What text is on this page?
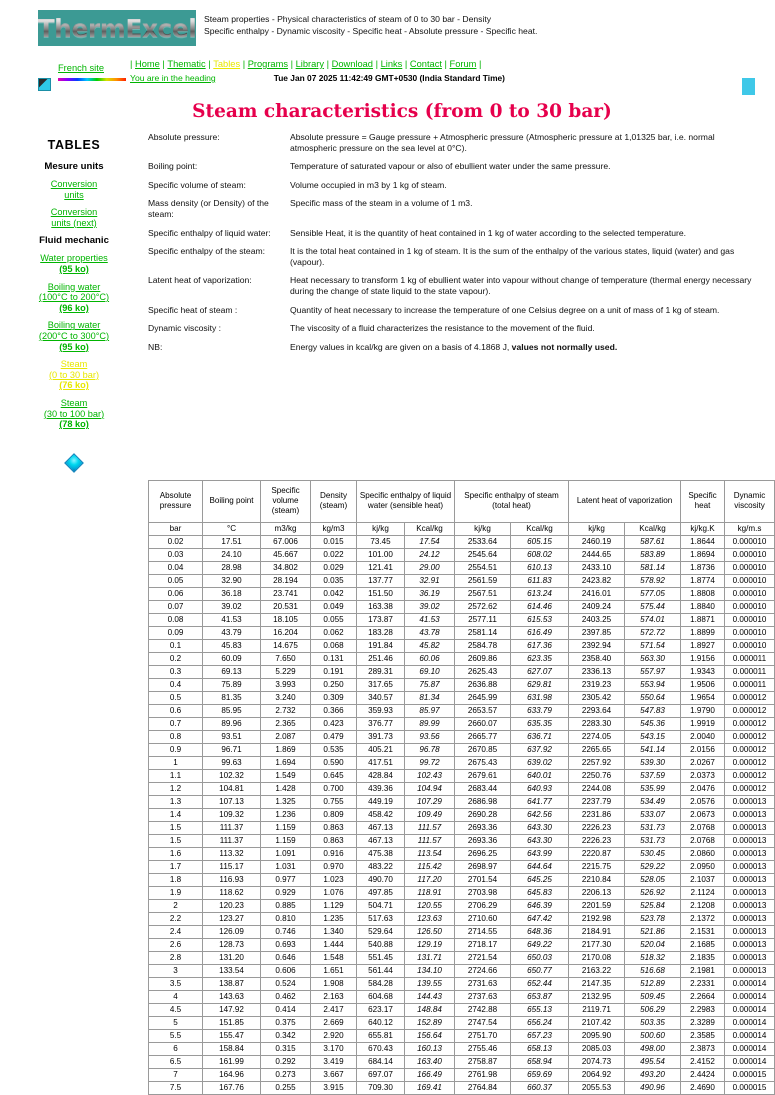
ThermExcel Steam properties - Physical characteristics of steam of 0 to 30 bar - Density
Specific enthalpy - Dynamic viscosity - Specific heat - Absolute pressure - Specific heat.
French site	| Home | Thematic | Tables | Programs | Library | Download | Links | Contact | Forum |
You are in the heading	Tue Jan 07 2025 11:42:49 GMT+0530 (India Standard Time)
Steam characteristics (from 0 to 30 bar)
TABLES
Mesure units
Conversion
units
Conversion
units (next)
Fluid mechanic
Water properties
(95 ko)
Boiling water
(100°C to 200°C)
(96 ko)
Boiling water
(200°C to 300°C)
(95 ko)
Steam
(0 to 30 bar)
(76 ko)
Steam
(30 to 100 bar)
(78 ko)
Absolute pressure:	Absolute pressure = Gauge pressure + Atmospheric pressure (Atmospheric pressure at 1,01325 bar, i.e. normal atmospheric pressure on the sea level at 0°C).
Boiling point:	Temperature of saturated vapour or also of ebullient water under the same pressure.
Specific volume of steam:	Volume occupied in m3 by 1 kg of steam.
Mass density (or Density) of the steam:
Specific mass of the steam in a volume of 1 m3.
Specific enthalpy of liquid water:	Sensible Heat, it is the quantity of heat contained in 1 kg of water according to the selected temperature.
Specific enthalpy of the steam:	It is the total heat contained in 1 kg of steam. It is the sum of the enthalpy of the various states, liquid (water) and gas (vapour).
Latent heat of vaporization:	Heat necessary to transform 1 kg of ebullient water into vapour without change of temperature (thermal energy necessary during the change of state liquid to the state vapour).
Specific heat of steam :	Quantity of heat necessary to increase the temperature of one Celsius degree on a unit of mass of 1 kg of steam.
Dynamic viscosity :	The viscosity of a fluid characterizes the resistance to the movement of the fluid.
NB:	Energy values in kcal/kg are given on a basis of 4.1868 J, values not normally used.
Absolute pressure	Boiling point	Specific volume (steam)	Density (steam)	Specific enthalpy of liquid water (sensible heat)		Specific enthalpy of steam (total heat)		Latent heat of vaporization		Specific heat	Dynamic viscosity
bar	°C	m3/kg	kg/m3	kj/kg	Kcal/kg	kj/kg	Kcal/kg	kj/kg	Kcal/kg	kj/kg.K	kg/m.s
0.02	17.51	67.006	0.015	73.45	17.54	2533.64	605.15	2460.19	587.61	1.8644	0.000010
0.03	24.10	45.667	0.022	101.00	24.12	2545.64	608.02	2444.65	583.89	1.8694	0.000010
0.04	28.98	34.802	0.029	121.41	29.00	2554.51	610.13	2433.10	581.14	1.8736	0.000010
0.05	32.90	28.194	0.035	137.77	32.91	2561.59	611.83	2423.82	578.92	1.8774	0.000010
0.06	36.18	23.741	0.042	151.50	36.19	2567.51	613.24	2416.01	577.05	1.8808	0.000010
0.07	39.02	20.531	0.049	163.38	39.02	2572.62	614.46	2409.24	575.44	1.8840	0.000010
0.08	41.53	18.105	0.055	173.87	41.53	2577.11	615.53	2403.25	574.01	1.8871	0.000010
0.09	43.79	16.204	0.062	183.28	43.78	2581.14	616.49	2397.85	572.72	1.8899	0.000010
0.1	45.83	14.675	0.068	191.84	45.82	2584.78	617.36	2392.94	571.54	1.8927	0.000010
0.2	60.09	7.650	0.131	251.46	60.06	2609.86	623.35	2358.40	563.30	1.9156	0.000011
0.3	69.13	5.229	0.191	289.31	69.10	2625.43	627.07	2336.13	557.97	1.9343	0.000011
0.4	75.89	3.993	0.250	317.65	75.87	2636.88	629.81	2319.23	553.94	1.9506	0.000011
0.5	81.35	3.240	0.309	340.57	81.34	2645.99	631.98	2305.42	550.64	1.9654	0.000012
0.6	85.95	2.732	0.366	359.93	85.97	2653.57	633.79	2293.64	547.83	1.9790	0.000012
0.7	89.96	2.365	0.423	376.77	89.99	2660.07	635.35	2283.30	545.36	1.9919	0.000012
0.8	93.51	2.087	0.479	391.73	93.56	2665.77	636.71	2274.05	543.15	2.0040	0.000012
0.9	96.71	1.869	0.535	405.21	96.78	2670.85	637.92	2265.65	541.14	2.0156	0.000012
1	99.63	1.694	0.590	417.51	99.72	2675.43	639.02	2257.92	539.30	2.0267	0.000012
1.1	102.32	1.549	0.645	428.84	102.43	2679.61	640.01	2250.76	537.59	2.0373	0.000012
1.2	104.81	1.428	0.700	439.36	104.94	2683.44	640.93	2244.08	535.99	2.0476	0.000012
1.3	107.13	1.325	0.755	449.19	107.29	2686.98	641.77	2237.79	534.49	2.0576	0.000013
1.4	109.32	1.236	0.809	458.42	109.49	2690.28	642.56	2231.86	533.07	2.0673	0.000013
1.5	111.37	1.159	0.863	467.13	111.57	2693.36	643.30	2226.23	531.73	2.0768	0.000013
1.5	111.37	1.159	0.863	467.13	111.57	2693.36	643.30	2226.23	531.73	2.0768	0.000013
1.6	113.32	1.091	0.916	475.38	113.54	2696.25	643.99	2220.87	530.45	2.0860	0.000013
1.7	115.17	1.031	0.970	483.22	115.42	2698.97	644.64	2215.75	529.22	2.0950	0.000013
1.8	116.93	0.977	1.023	490.70	117.20	2701.54	645.25	2210.84	528.05	2.1037	0.000013
1.9	118.62	0.929	1.076	497.85	118.91	2703.98	645.83	2206.13	526.92	2.1124	0.000013
2	120.23	0.885	1.129	504.71	120.55	2706.29	646.39	2201.59	525.84	2.1208	0.000013
2.2	123.27	0.810	1.235	517.63	123.63	2710.60	647.42	2192.98	523.78	2.1372	0.000013
2.4	126.09	0.746	1.340	529.64	126.50	2714.55	648.36	2184.91	521.86	2.1531	0.000013
2.6	128.73	0.693	1.444	540.88	129.19	2718.17	649.22	2177.30	520.04	2.1685	0.000013
2.8	131.20	0.646	1.548	551.45	131.71	2721.54	650.03	2170.08	518.32	2.1835	0.000013
3	133.54	0.606	1.651	561.44	134.10	2724.66	650.77	2163.22	516.68	2.1981	0.000013
3.5	138.87	0.524	1.908	584.28	139.55	2731.63	652.44	2147.35	512.89	2.2331	0.000014
4	143.63	0.462	2.163	604.68	144.43	2737.63	653.87	2132.95	509.45	2.2664	0.000014
4.5	147.92	0.414	2.417	623.17	148.84	2742.88	655.13	2119.71	506.29	2.2983	0.000014
5	151.85	0.375	2.669	640.12	152.89	2747.54	656.24	2107.42	503.35	2.3289	0.000014
5.5	155.47	0.342	2.920	655.81	156.64	2751.70	657.23	2095.90	500.60	2.3585	0.000014
6	158.84	0.315	3.170	670.43	160.13	2755.46	658.13	2085.03	498.00	2.3873	0.000014
6.5	161.99	0.292	3.419	684.14	163.40	2758.87	658.94	2074.73	495.54	2.4152	0.000014
7	164.96	0.273	3.667	697.07	166.49	2761.98	659.69	2064.92	493.20	2.4424	0.000015
7.5	167.76	0.255	3.915	709.30	169.41	2764.84	660.37	2055.53	490.96	2.4690	0.000015
